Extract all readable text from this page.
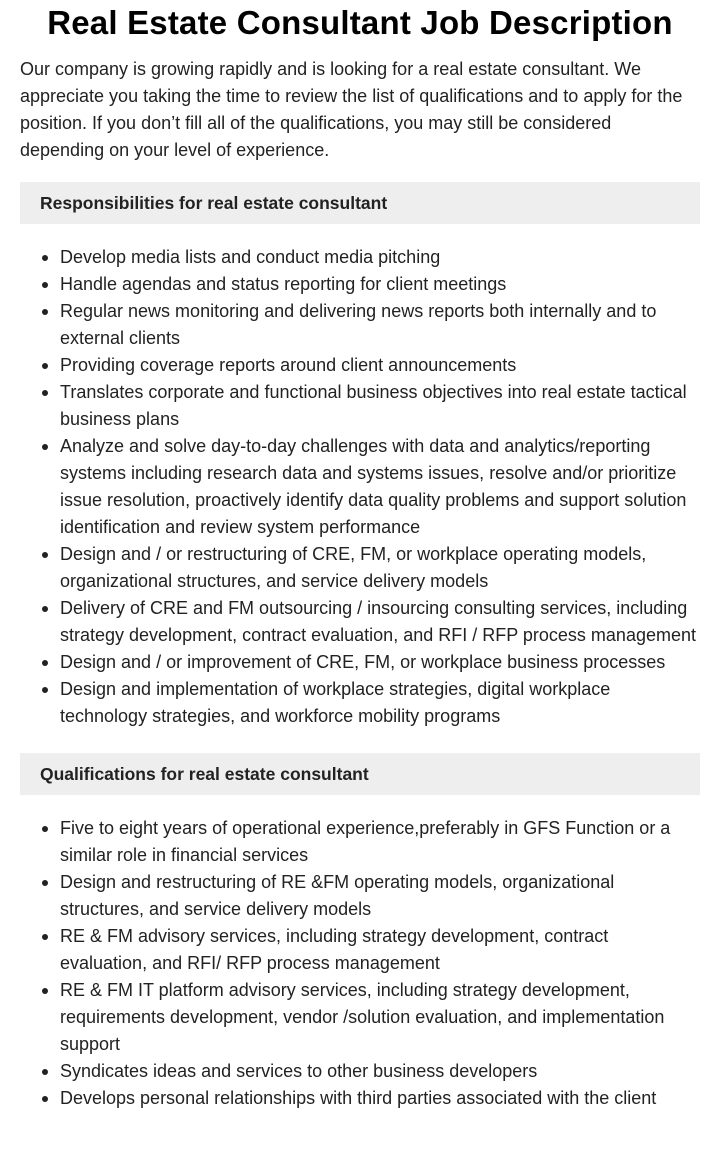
Real Estate Consultant Job Description

Our company is growing rapidly and is looking for a real estate consultant. We appreciate you taking the time to review the list of qualifications and to apply for the position. If you don’t fill all of the qualifications, you may still be considered depending on your level of experience.

Responsibilities for real estate consultant
Develop media lists and conduct media pitching
Handle agendas and status reporting for client meetings
Regular news monitoring and delivering news reports both internally and to external clients
Providing coverage reports around client announcements
Translates corporate and functional business objectives into real estate tactical business plans
Analyze and solve day-to-day challenges with data and analytics/reporting systems including research data and systems issues, resolve and/or prioritize issue resolution, proactively identify data quality problems and support solution identification and review system performance
Design and / or restructuring of CRE, FM, or workplace operating models, organizational structures, and service delivery models
Delivery of CRE and FM outsourcing / insourcing consulting services, including strategy development, contract evaluation, and RFI / RFP process management
Design and / or improvement of CRE, FM, or workplace business processes
Design and implementation of workplace strategies, digital workplace technology strategies, and workforce mobility programs
Qualifications for real estate consultant
Five to eight years of operational experience,preferably in GFS Function or a similar role in financial services
Design and restructuring of RE &FM operating models, organizational structures, and service delivery models
RE & FM advisory services, including strategy development, contract evaluation, and RFI/ RFP process management
RE & FM IT platform advisory services, including strategy development, requirements development, vendor /solution evaluation, and implementation support
Syndicates ideas and services to other business developers
Develops personal relationships with third parties associated with the client
